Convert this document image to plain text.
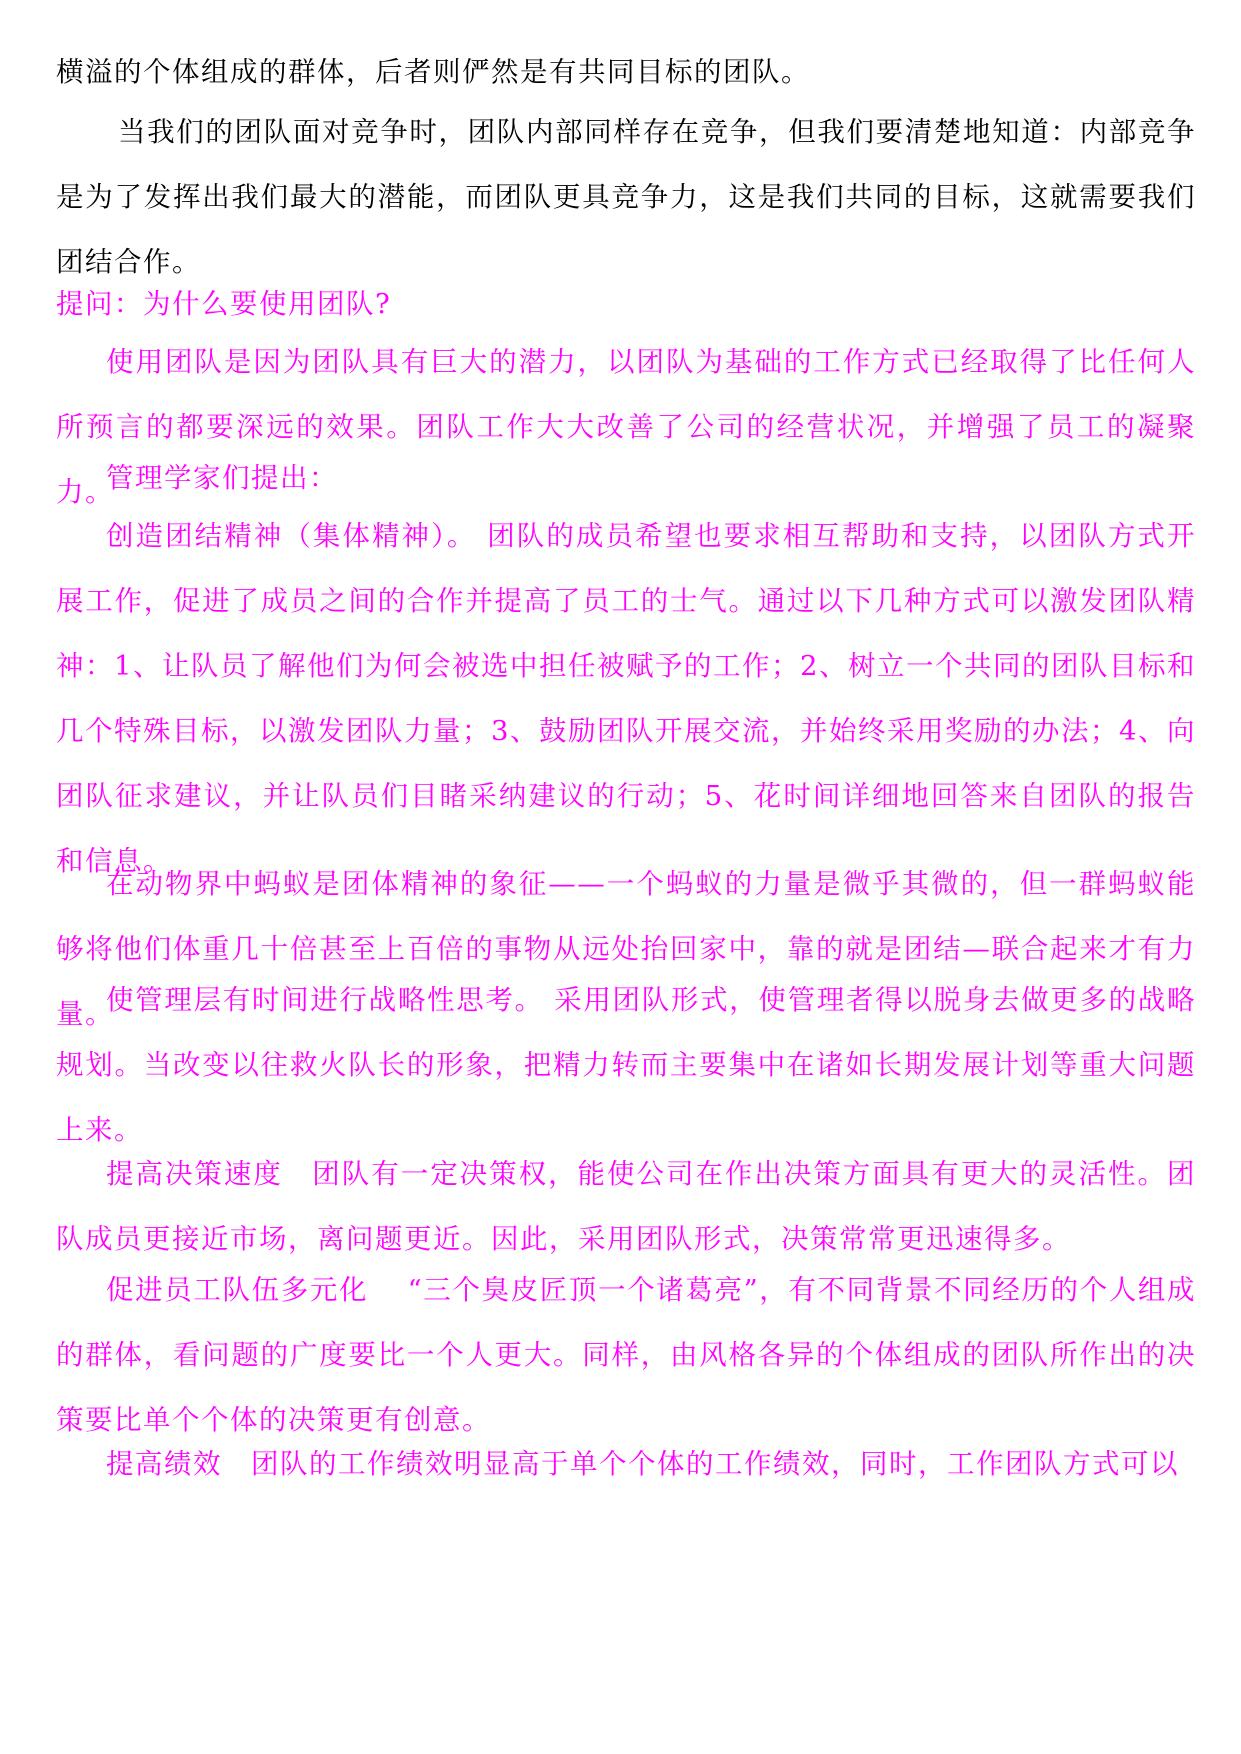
横溢的个体组成的群体，后者则俨然是有共同目标的团队。

当我们的团队面对竞争时，团队内部同样存在竞争，但我们要清楚地知道：内部竞争是为了发挥出我们最大的潜能，而团队更具竞争力，这是我们共同的目标，这就需要我们团结合作。

提问：为什么要使用团队?

使用团队是因为团队具有巨大的潜力，以团队为基础的工作方式已经取得了比任何人所预言的都要深远的效果。团队工作大大改善了公司的经营状况，并增强了员工的凝聚力。

管理学家们提出：

创造团结精神（集体精神）。 团队的成员希望也要求相互帮助和支持，以团队方式开展工作，促进了成员之间的合作并提高了员工的士气。通过以下几种方式可以激发团队精神：1、让队员了解他们为何会被选中担任被赋予的工作；2、树立一个共同的团队目标和几个特殊目标，以激发团队力量；3、鼓励团队开展交流，并始终采用奖励的办法；4、向团队征求建议，并让队员们目睹采纳建议的行动；5、花时间详细地回答来自团队的报告和信息。

在动物界中蚂蚁是团体精神的象征——一个蚂蚁的力量是微乎其微的，但一群蚂蚁能够将他们体重几十倍甚至上百倍的事物从远处抬回家中，靠的就是团结—联合起来才有力量。

使管理层有时间进行战略性思考。 采用团队形式，使管理者得以脱身去做更多的战略规划。当改变以往救火队长的形象，把精力转而主要集中在诸如长期发展计划等重大问题上来。

提高决策速度　团队有一定决策权，能使公司在作出决策方面具有更大的灵活性。团队成员更接近市场，离问题更近。因此，采用团队形式，决策常常更迅速得多。

促进员工队伍多元化　 “三个臭皮匠顶一个诸葛亮”，有不同背景不同经历的个人组成的群体，看问题的广度要比一个人更大。同样，由风格各异的个体组成的团队所作出的决策要比单个个体的决策更有创意。

提高绩效　团队的工作绩效明显高于单个个体的工作绩效，同时，工作团队方式可以
